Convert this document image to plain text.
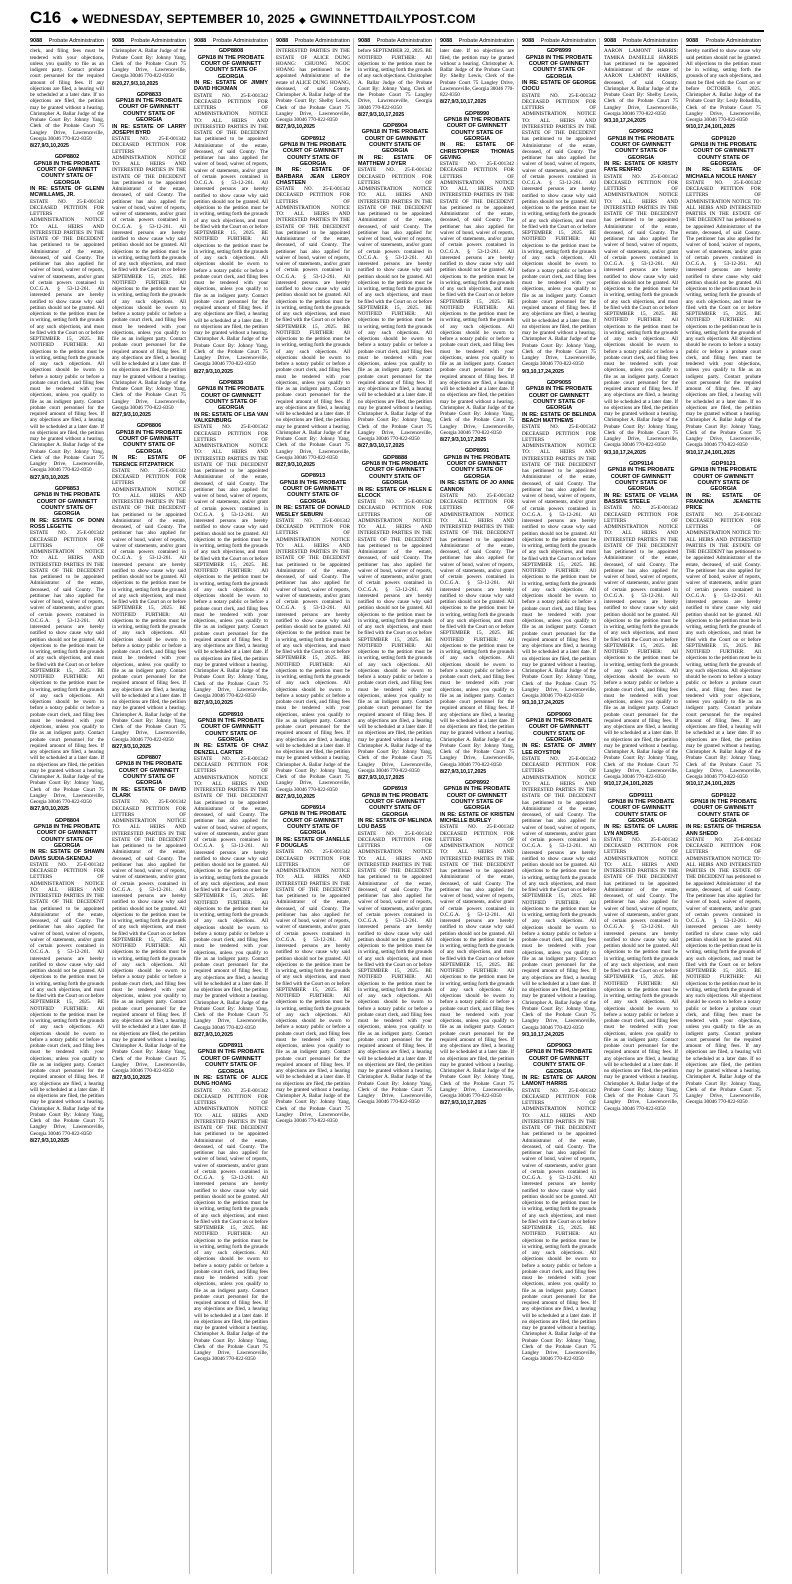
C16 ◆ WEDNESDAY, SEPTEMBER 10, 2025 ◆ GWINNETTDAILYPOST.COM
9088 Probate Administration
clerk, and filing fees must be tendered with your objections, unless you qualify to file as an indigent party. Contact probate court personnel for the required amount of filing fees. If any objections are filed, a hearing will be scheduled at a later date. If no objections are filed, the petition may be granted without a hearing. Christopher A. Ballar Judge of the Probate Court By: Johnny Yang, Clerk of the Probate Court 75 Langley Drive, Lawrenceville, Georgia 30046 770-822-8350
8/27,9/3,10,2025
GDP8802
GPN18 IN THE PROBATE COURT OF GWINNETT COUNTY STATE OF GEORGIA
IN RE: ESTATE OF GLENN MCWILLAMS, JR.
ESTATE NO. 25-E-001342 DECEASED PETITION FOR LETTERS OF ADMINISTRATION NOTICE TO: ALL HEIRS AND INTERESTED PARTIES IN THE ESTATE OF THE DECEDENT has petitioned to be appointed Administrator of the estate, deceased, of said County. The petitioner has also applied for waiver of bond, waiver of reports, waiver of statements, and/or grant of certain powers contained in O.C.G.A. § 53-12-261. All interested persons are hereby notified to show cause why said petition should not be granted. All objections to the petition must be in writing, setting forth the grounds of any such objections, and must be filed with the Court on or before SEPTEMBER 15, 2025. BE NOTIFIED FURTHER: All objections to the petition must be in writing, setting forth the grounds of any such objections. All objections should be sworn to before a notary public or before a probate court clerk, and filing fees must be tendered with your objections, unless you qualify to file as an indigent party. Contact probate court personnel for the required amount of filing fees. If any objections are filed, a hearing will be scheduled at a later date. If no objections are filed, the petition may be granted without a hearing. Christopher A. Ballar Judge of the Probate Court By: Johnny Yang, Clerk of the Probate Court 75 Langley Drive, Lawrenceville, Georgia 30046 770-822-8350
8/27,9/3,10,2025
GDP8853
GPN18 IN THE PROBATE COURT OF GWINNETT COUNTY STATE OF GEORGIA
IN RE: ESTATE OF DONN ROSS LEGETTE
ESTATE NO. 25-E-001342 DECEASED PETITION FOR LETTERS OF ADMINISTRATION NOTICE TO: ALL HEIRS AND INTERESTED PARTIES IN THE ESTATE OF THE DECEDENT has petitioned to be appointed Administrator of the estate, deceased, of said County. The petitioner has also applied for waiver of bond, waiver of reports, waiver of statements, and/or grant of certain powers contained in O.C.G.A. § 53-12-261. All interested persons are hereby notified to show cause why said petition should not be granted. All objections to the petition must be in writing, setting forth the grounds of any such objections, and must be filed with the Court on or before SEPTEMBER 15, 2025. BE NOTIFIED FURTHER: All objections to the petition must be in writing, setting forth the grounds of any such objections. All objections should be sworn to before a notary public or before a probate court clerk, and filing fees must be tendered with your objections, unless you qualify to file as an indigent party. Contact probate court personnel for the required amount of filing fees. If any objections are filed, a hearing will be scheduled at a later date. If no objections are filed, the petition may be granted without a hearing. Christopher A. Ballar Judge of the Probate Court By: Johnny Yang, Clerk of the Probate Court 75 Langley Drive, Lawrenceville, Georgia 30046 770-822-8350
8/27,9/3,10,2025
GDP8804
GPN18 IN THE PROBATE COURT OF GWINNETT COUNTY STATE OF GEORGIA
IN RE: ESTATE OF SHAWN DAVIS SUDIA-SKENDAJ
ESTATE NO. 25-E-001342 DECEASED PETITION FOR LETTERS OF ADMINISTRATION NOTICE TO: ALL HEIRS AND INTERESTED PARTIES IN THE ESTATE OF THE DECEDENT has petitioned to be appointed Administrator of the estate, deceased, of said County. The petitioner has also applied for waiver of bond, waiver of reports, waiver of statements, and/or grant of certain powers contained in O.C.G.A. § 53-12-261. All interested persons are hereby notified to show cause why said petition should not be granted. All objections to the petition must be in writing, setting forth the grounds of any such objections, and must be filed with the Court on or before SEPTEMBER 15, 2025. BE NOTIFIED FURTHER: All objections to the petition must be in writing, setting forth the grounds of any such objections. All objections should be sworn to before a notary public or before a probate court clerk, and filing fees must be tendered with your objections, unless you qualify to file as an indigent party. Contact probate court personnel for the required amount of filing fees. If any objections are filed, a hearing will be scheduled at a later date. If no objections are filed, the petition may be granted without a hearing. Christopher A. Ballar Judge of the Probate Court By: Johnny Yang, Clerk of the Probate Court 75 Langley Drive, Lawrenceville, Georgia 30046 770-822-8350
8/27,9/3,10,2025
9088 Probate Administration
Christopher A. Ballar Judge of the Probate Court By: Johnny Yang, Clerk of the Probate Court 75 Langley Drive, Lawrenceville, Georgia 30046 770-822-8350
8/20,27,9/3,10,2025
GDP8833
GPN18 IN THE PROBATE COURT OF GWINNETT COUNTY STATE OF GEORGIA
IN RE: ESTATE OF LARRY JOSEPH BYRD
ESTATE NO. 25-E-001342 DECEASED PETITION FOR LETTERS OF ADMINISTRATION NOTICE TO: ALL HEIRS AND INTERESTED PARTIES IN THE ESTATE OF THE DECEDENT has petitioned to be appointed Administrator of the estate, deceased, of said County. The petitioner has also applied for waiver of bond, waiver of reports, waiver of statements, and/or grant of certain powers contained in O.C.G.A. § 53-12-261. All interested persons are hereby notified to show cause why said petition should not be granted. All objections to the petition must be in writing, setting forth the grounds of any such objections, and must be filed with the Court on or before SEPTEMBER 15, 2025. BE NOTIFIED FURTHER: All objections to the petition must be in writing, setting forth the grounds of any such objections. All objections should be sworn to before a notary public or before a probate court clerk, and filing fees must be tendered with your objections, unless you qualify to file as an indigent party. Contact probate court personnel for the required amount of filing fees. If any objections are filed, a hearing will be scheduled at a later date. If no objections are filed, the petition may be granted without a hearing. Christopher A. Ballar Judge of the Probate Court By: Johnny Yang, Clerk of the Probate Court 75 Langley Drive, Lawrenceville, Georgia 30046 770-822-8350
8/27,9/3,10,2025
GDP8806
GPN18 IN THE PROBATE COURT OF GWINNETT COUNTY STATE OF GEORGIA
IN RE: ESTATE OF TERENCE FITZPATRICK
ESTATE NO. 25-E-001342 DECEASED PETITION FOR LETTERS OF ADMINISTRATION NOTICE TO: ALL HEIRS AND INTERESTED PARTIES IN THE ESTATE OF THE DECEDENT has petitioned to be appointed Administrator of the estate, deceased, of said County. The petitioner has also applied for waiver of bond, waiver of reports, waiver of statements, and/or grant of certain powers contained in O.C.G.A. § 53-12-261. All interested persons are hereby notified to show cause why said petition should not be granted. All objections to the petition must be in writing, setting forth the grounds of any such objections, and must be filed with the Court on or before SEPTEMBER 15, 2025. BE NOTIFIED FURTHER: All objections to the petition must be in writing, setting forth the grounds of any such objections. All objections should be sworn to before a notary public or before a probate court clerk, and filing fees must be tendered with your objections, unless you qualify to file as an indigent party. Contact probate court personnel for the required amount of filing fees. If any objections are filed, a hearing will be scheduled at a later date. If no objections are filed, the petition may be granted without a hearing. Christopher A. Ballar Judge of the Probate Court By: Johnny Yang, Clerk of the Probate Court 75 Langley Drive, Lawrenceville, Georgia 30046 770-822-8350
8/27,9/3,10,2025
GDP8807
GPN18 IN THE PROBATE COURT OF GWINNETT COUNTY STATE OF GEORGIA
IN RE: ESTATE OF DAVID CLARK
ESTATE NO. 25-E-001342 DECEASED PETITION FOR LETTERS OF ADMINISTRATION NOTICE TO: ALL HEIRS AND INTERESTED PARTIES IN THE ESTATE OF THE DECEDENT has petitioned to be appointed Administrator of the estate, deceased, of said County. The petitioner has also applied for waiver of bond, waiver of reports, waiver of statements, and/or grant of certain powers contained in O.C.G.A. § 53-12-261. All interested persons are hereby notified to show cause why said petition should not be granted. All objections to the petition must be in writing, setting forth the grounds of any such objections, and must be filed with the Court on or before SEPTEMBER 15, 2025. BE NOTIFIED FURTHER: All objections to the petition must be in writing, setting forth the grounds of any such objections. All objections should be sworn to before a notary public or before a probate court clerk, and filing fees must be tendered with your objections, unless you qualify to file as an indigent party. Contact probate court personnel for the required amount of filing fees. If any objections are filed, a hearing will be scheduled at a later date. If no objections are filed, the petition may be granted without a hearing. Christopher A. Ballar Judge of the Probate Court By: Johnny Yang, Clerk of the Probate Court 75 Langley Drive, Lawrenceville, Georgia 30046 770-822-8350
8/27,9/3,10,2025
9088 Probate Administration
GDP8808
GPN18 IN THE PROBATE COURT OF GWINNETT COUNTY STATE OF GEORGIA
IN RE: ESTATE OF JIMMY DAVID HICKMAN
ESTATE NO. 25-E-001342 DECEASED PETITION FOR LETTERS OF ADMINISTRATION NOTICE TO: ALL HEIRS AND INTERESTED PARTIES IN THE ESTATE OF THE DECEDENT has petitioned to be appointed Administrator of the estate, deceased, of said County. The petitioner has also applied for waiver of bond, waiver of reports, waiver of statements, and/or grant of certain powers contained in O.C.G.A. § 53-12-261. All interested persons are hereby notified to show cause why said petition should not be granted. All objections to the petition must be in writing, setting forth the grounds of any such objections, and must be filed with the Court on or before SEPTEMBER 15, 2025. BE NOTIFIED FURTHER: All objections to the petition must be in writing, setting forth the grounds of any such objections. All objections should be sworn to before a notary public or before a probate court clerk, and filing fees must be tendered with your objections, unless you qualify to file as an indigent party. Contact probate court personnel for the required amount of filing fees. If any objections are filed, a hearing will be scheduled at a later date. If no objections are filed, the petition may be granted without a hearing. Christopher A. Ballar Judge of the Probate Court By: Johnny Yang, Clerk of the Probate Court 75 Langley Drive, Lawrenceville, Georgia 30046 770-822-8350
8/27,9/3,10,2025
GDP8838
GPN18 IN THE PROBATE COURT OF GWINNETT COUNTY STATE OF GEORGIA
IN RE: ESTATE OF LISA VAN VALKENBURG
ESTATE NO. 25-E-001342 DECEASED PETITION FOR LETTERS OF ADMINISTRATION NOTICE TO: ALL HEIRS AND INTERESTED PARTIES IN THE ESTATE OF THE DECEDENT has petitioned to be appointed Administrator of the estate, deceased, of said County. The petitioner has also applied for waiver of bond, waiver of reports, waiver of statements, and/or grant of certain powers contained in O.C.G.A. § 53-12-261. All interested persons are hereby notified to show cause why said petition should not be granted. All objections to the petition must be in writing, setting forth the grounds of any such objections, and must be filed with the Court on or before SEPTEMBER 15, 2025. BE NOTIFIED FURTHER: All objections to the petition must be in writing, setting forth the grounds of any such objections. All objections should be sworn to before a notary public or before a probate court clerk, and filing fees must be tendered with your objections, unless you qualify to file as an indigent party. Contact probate court personnel for the required amount of filing fees. If any objections are filed, a hearing will be scheduled at a later date. If no objections are filed, the petition may be granted without a hearing. Christopher A. Ballar Judge of the Probate Court By: Johnny Yang, Clerk of the Probate Court 75 Langley Drive, Lawrenceville, Georgia 30046 770-822-8350
8/27,9/3,10,2025
GDP8910
GPN18 IN THE PROBATE COURT OF GWINNETT COUNTY STATE OF GEORGIA
IN RE: ESTATE OF CHAZ DENZELL CARTER
ESTATE NO. 25-E-001342 DECEASED PETITION FOR LETTERS OF ADMINISTRATION NOTICE TO: ALL HEIRS AND INTERESTED PARTIES IN THE ESTATE OF THE DECEDENT has petitioned to be appointed Administrator of the estate, deceased, of said County. The petitioner has also applied for waiver of bond, waiver of reports, waiver of statements, and/or grant of certain powers contained in O.C.G.A. § 53-12-261. All interested persons are hereby notified to show cause why said petition should not be granted. All objections to the petition must be in writing, setting forth the grounds of any such objections, and must be filed with the Court on or before SEPTEMBER 15, 2025. BE NOTIFIED FURTHER: All objections to the petition must be in writing, setting forth the grounds of any such objections. All objections should be sworn to before a notary public or before a probate court clerk, and filing fees must be tendered with your objections, unless you qualify to file as an indigent party. Contact probate court personnel for the required amount of filing fees. If any objections are filed, a hearing will be scheduled at a later date. If no objections are filed, the petition may be granted without a hearing. Christopher A. Ballar Judge of the Probate Court By: Johnny Yang, Clerk of the Probate Court 75 Langley Drive, Lawrenceville, Georgia 30046 770-822-8350
8/27,9/3,10,2025
GDP8911
GPN18 IN THE PROBATE COURT OF GWINNETT COUNTY STATE OF GEORGIA
IN RE: ESTATE OF ALICE DUNG HOANG
ESTATE NO. 25-E-001342 DECEASED PETITION FOR LETTERS OF ADMINISTRATION NOTICE TO: ALL HEIRS AND INTERESTED PARTIES IN THE ESTATE OF THE DECEDENT has petitioned to be appointed Administrator of the estate, deceased, of said County. The petitioner has also applied for waiver of bond, waiver of reports, waiver of statements, and/or grant of certain powers contained in O.C.G.A. § 53-12-261. All interested persons are hereby notified to show cause why said petition should not be granted. All objections to the petition must be in writing, setting forth the grounds of any such objections, and must be filed with the Court on or before SEPTEMBER 15, 2025. BE NOTIFIED FURTHER: All objections to the petition must be in writing, setting forth the grounds of any such objections. All objections should be sworn to before a notary public or before a probate court clerk, and filing fees must be tendered with your objections, unless you qualify to file as an indigent party. Contact probate court personnel for the required amount of filing fees. If any objections are filed, a hearing will be scheduled at a later date. If no objections are filed, the petition may be granted without a hearing. Christopher A. Ballar Judge of the Probate Court By: Johnny Yang, Clerk of the Probate Court 75 Langley Drive, Lawrenceville, Georgia 30046 770-822-8350
9088 Probate Administration
INTERESTED PARTIES IN THE ESTATE OF ALICE DUNG HOANG: CHUONG NGOC HOANG has petitioned to be appointed Administrator of the estate of ALICE DUNG HOANG, deceased, of said County. Christopher A. Ballar Judge of the Probate Court By: Shelby Lewis, Clerk of the Probate Court 75 Langley Drive, Lawrenceville, Georgia 30046 770-822-8350
8/27,9/3,10,2025
GDP8912
GPN18 IN THE PROBATE COURT OF GWINNETT COUNTY STATE OF GEORGIA
IN RE: ESTATE OF BARBARA JEAN LEROY CHASTEEN
ESTATE NO. 25-E-001342 DECEASED PETITION FOR LETTERS OF ADMINISTRATION NOTICE TO: ALL HEIRS AND INTERESTED PARTIES IN THE ESTATE OF THE DECEDENT has petitioned to be appointed Administrator of the estate, deceased, of said County. The petitioner has also applied for waiver of bond, waiver of reports, waiver of statements, and/or grant of certain powers contained in O.C.G.A. § 53-12-261. All interested persons are hereby notified to show cause why said petition should not be granted. All objections to the petition must be in writing, setting forth the grounds of any such objections, and must be filed with the Court on or before SEPTEMBER 15, 2025. BE NOTIFIED FURTHER: All objections to the petition must be in writing, setting forth the grounds of any such objections. All objections should be sworn to before a notary public or before a probate court clerk, and filing fees must be tendered with your objections, unless you qualify to file as an indigent party. Contact probate court personnel for the required amount of filing fees. If any objections are filed, a hearing will be scheduled at a later date. If no objections are filed, the petition may be granted without a hearing. Christopher A. Ballar Judge of the Probate Court By: Johnny Yang, Clerk of the Probate Court 75 Langley Drive, Lawrenceville, Georgia 30046 770-822-8350
8/27,9/3,10,2025
GDP8913
GPN18 IN THE PROBATE COURT OF GWINNETT COUNTY STATE OF GEORGIA
IN RE: ESTATE OF DONALD WESLEY SEBURN
ESTATE NO. 25-E-001342 DECEASED PETITION FOR LETTERS OF ADMINISTRATION NOTICE TO: ALL HEIRS AND INTERESTED PARTIES IN THE ESTATE OF THE DECEDENT has petitioned to be appointed Administrator of the estate, deceased, of said County. The petitioner has also applied for waiver of bond, waiver of reports, waiver of statements, and/or grant of certain powers contained in O.C.G.A. § 53-12-261. All interested persons are hereby notified to show cause why said petition should not be granted. All objections to the petition must be in writing, setting forth the grounds of any such objections, and must be filed with the Court on or before SEPTEMBER 15, 2025. BE NOTIFIED FURTHER: All objections to the petition must be in writing, setting forth the grounds of any such objections. All objections should be sworn to before a notary public or before a probate court clerk, and filing fees must be tendered with your objections, unless you qualify to file as an indigent party. Contact probate court personnel for the required amount of filing fees. If any objections are filed, a hearing will be scheduled at a later date. If no objections are filed, the petition may be granted without a hearing. Christopher A. Ballar Judge of the Probate Court By: Johnny Yang, Clerk of the Probate Court 75 Langley Drive, Lawrenceville, Georgia 30046 770-822-8350
8/27,9/3,10,2025
GDP8914
GPN18 IN THE PROBATE COURT OF GWINNETT COUNTY STATE OF GEORGIA
IN RE: ESTATE OF JANELLE F DOUGLAS
ESTATE NO. 25-E-001342 DECEASED PETITION FOR LETTERS OF ADMINISTRATION NOTICE TO: ALL HEIRS AND INTERESTED PARTIES IN THE ESTATE OF THE DECEDENT has petitioned to be appointed Administrator of the estate, deceased, of said County. The petitioner has also applied for waiver of bond, waiver of reports, waiver of statements, and/or grant of certain powers contained in O.C.G.A. § 53-12-261. All interested persons are hereby notified to show cause why said petition should not be granted. All objections to the petition must be in writing, setting forth the grounds of any such objections, and must be filed with the Court on or before SEPTEMBER 15, 2025. BE NOTIFIED FURTHER: All objections to the petition must be in writing, setting forth the grounds of any such objections. All objections should be sworn to before a notary public or before a probate court clerk, and filing fees must be tendered with your objections, unless you qualify to file as an indigent party. Contact probate court personnel for the required amount of filing fees. If any objections are filed, a hearing will be scheduled at a later date. If no objections are filed, the petition may be granted without a hearing. Christopher A. Ballar Judge of the Probate Court By: Johnny Yang, Clerk of the Probate Court 75 Langley Drive, Lawrenceville, Georgia 30046 770-822-8350
9088 Probate Administration
before SEPTEMBER 22, 2025. BE NOTIFIED FURTHER: All objections to the petition must be in writing, setting forth the grounds of any such objections. Christopher A. Ballar Judge of the Probate Court By: Johnny Yang, Clerk of the Probate Court 75 Langley Drive, Lawrenceville, Georgia 30046 770-822-8350
8/27,9/3,10,17,2025
GDP8904
GPN18 IN THE PROBATE COURT OF GWINNETT COUNTY STATE OF GEORGIA
IN RE: ESTATE OF MATTHEW J DYER
ESTATE NO. 25-E-001342 DECEASED PETITION FOR LETTERS OF ADMINISTRATION NOTICE TO: ALL HEIRS AND INTERESTED PARTIES IN THE ESTATE OF THE DECEDENT has petitioned to be appointed Administrator of the estate, deceased, of said County. The petitioner has also applied for waiver of bond, waiver of reports, waiver of statements, and/or grant of certain powers contained in O.C.G.A. § 53-12-261. All interested persons are hereby notified to show cause why said petition should not be granted. All objections to the petition must be in writing, setting forth the grounds of any such objections, and must be filed with the Court on or before SEPTEMBER 15, 2025. BE NOTIFIED FURTHER: All objections to the petition must be in writing, setting forth the grounds of any such objections. All objections should be sworn to before a notary public or before a probate court clerk, and filing fees must be tendered with your objections, unless you qualify to file as an indigent party. Contact probate court personnel for the required amount of filing fees. If any objections are filed, a hearing will be scheduled at a later date. If no objections are filed, the petition may be granted without a hearing. Christopher A. Ballar Judge of the Probate Court By: Johnny Yang, Clerk of the Probate Court 75 Langley Drive, Lawrenceville, Georgia 30046 770-822-8350
8/27,9/3,10,17,2025
GDP8888
GPN18 IN THE PROBATE COURT OF GWINNETT COUNTY STATE OF GEORGIA
IN RE: ESTATE OF HELEN E ELCOCK
ESTATE NO. 25-E-001342 DECEASED PETITION FOR LETTERS OF ADMINISTRATION NOTICE TO: ALL HEIRS AND INTERESTED PARTIES IN THE ESTATE OF THE DECEDENT has petitioned to be appointed Administrator of the estate, deceased, of said County. The petitioner has also applied for waiver of bond, waiver of reports, waiver of statements, and/or grant of certain powers contained in O.C.G.A. § 53-12-261. All interested persons are hereby notified to show cause why said petition should not be granted. All objections to the petition must be in writing, setting forth the grounds of any such objections, and must be filed with the Court on or before SEPTEMBER 15, 2025. BE NOTIFIED FURTHER: All objections to the petition must be in writing, setting forth the grounds of any such objections. All objections should be sworn to before a notary public or before a probate court clerk, and filing fees must be tendered with your objections, unless you qualify to file as an indigent party. Contact probate court personnel for the required amount of filing fees. If any objections are filed, a hearing will be scheduled at a later date. If no objections are filed, the petition may be granted without a hearing. Christopher A. Ballar Judge of the Probate Court By: Johnny Yang, Clerk of the Probate Court 75 Langley Drive, Lawrenceville, Georgia 30046 770-822-8350
8/27,9/3,10,17,2025
GDP8919
GPN18 IN THE PROBATE COURT OF GWINNETT COUNTY STATE OF GEORGIA
IN RE: ESTATE OF MELINDA LOU BASS
ESTATE NO. 25-E-001342 DECEASED PETITION FOR LETTERS OF ADMINISTRATION NOTICE TO: ALL HEIRS AND INTERESTED PARTIES IN THE ESTATE OF THE DECEDENT has petitioned to be appointed Administrator of the estate, deceased, of said County. The petitioner has also applied for waiver of bond, waiver of reports, waiver of statements, and/or grant of certain powers contained in O.C.G.A. § 53-12-261. All interested persons are hereby notified to show cause why said petition should not be granted. All objections to the petition must be in writing, setting forth the grounds of any such objections, and must be filed with the Court on or before SEPTEMBER 15, 2025. BE NOTIFIED FURTHER: All objections to the petition must be in writing, setting forth the grounds of any such objections. All objections should be sworn to before a notary public or before a probate court clerk, and filing fees must be tendered with your objections, unless you qualify to file as an indigent party. Contact probate court personnel for the required amount of filing fees. If any objections are filed, a hearing will be scheduled at a later date. If no objections are filed, the petition may be granted without a hearing. Christopher A. Ballar Judge of the Probate Court By: Johnny Yang, Clerk of the Probate Court 75 Langley Drive, Lawrenceville, Georgia 30046 770-822-8350
9088 Probate Administration
later date. If no objections are filed, the petition may be granted without a hearing. Christopher A. Ballar Judge of the Probate Court By: Shelby Lewis, Clerk of the Probate Court 75 Langley Drive, Lawrenceville, Georgia 30046 770-822-8350
8/27,9/3,10,17,2025
GDP8990
GPN18 IN THE PROBATE COURT OF GWINNETT COUNTY STATE OF GEORGIA
IN RE: ESTATE OF CHRISTOPHER THOMAS GEVING
ESTATE NO. 25-E-001342 DECEASED PETITION FOR LETTERS OF ADMINISTRATION NOTICE TO: ALL HEIRS AND INTERESTED PARTIES IN THE ESTATE OF THE DECEDENT has petitioned to be appointed Administrator of the estate, deceased, of said County. The petitioner has also applied for waiver of bond, waiver of reports, waiver of statements, and/or grant of certain powers contained in O.C.G.A. § 53-12-261. All interested persons are hereby notified to show cause why said petition should not be granted. All objections to the petition must be in writing, setting forth the grounds of any such objections, and must be filed with the Court on or before SEPTEMBER 15, 2025. BE NOTIFIED FURTHER: All objections to the petition must be in writing, setting forth the grounds of any such objections. All objections should be sworn to before a notary public or before a probate court clerk, and filing fees must be tendered with your objections, unless you qualify to file as an indigent party. Contact probate court personnel for the required amount of filing fees. If any objections are filed, a hearing will be scheduled at a later date. If no objections are filed, the petition may be granted without a hearing. Christopher A. Ballar Judge of the Probate Court By: Johnny Yang, Clerk of the Probate Court 75 Langley Drive, Lawrenceville, Georgia 30046 770-822-8350
8/27,9/3,10,17,2025
GDP8991
GPN18 IN THE PROBATE COURT OF GWINNETT COUNTY STATE OF GEORGIA
IN RE: ESTATE OF JO ANNE CANNON
ESTATE NO. 25-E-001342 DECEASED PETITION FOR LETTERS OF ADMINISTRATION NOTICE TO: ALL HEIRS AND INTERESTED PARTIES IN THE ESTATE OF THE DECEDENT has petitioned to be appointed Administrator of the estate, deceased, of said County. The petitioner has also applied for waiver of bond, waiver of reports, waiver of statements, and/or grant of certain powers contained in O.C.G.A. § 53-12-261. All interested persons are hereby notified to show cause why said petition should not be granted. All objections to the petition must be in writing, setting forth the grounds of any such objections, and must be filed with the Court on or before SEPTEMBER 15, 2025. BE NOTIFIED FURTHER: All objections to the petition must be in writing, setting forth the grounds of any such objections. All objections should be sworn to before a notary public or before a probate court clerk, and filing fees must be tendered with your objections, unless you qualify to file as an indigent party. Contact probate court personnel for the required amount of filing fees. If any objections are filed, a hearing will be scheduled at a later date. If no objections are filed, the petition may be granted without a hearing. Christopher A. Ballar Judge of the Probate Court By: Johnny Yang, Clerk of the Probate Court 75 Langley Drive, Lawrenceville, Georgia 30046 770-822-8350
8/27,9/3,10,17,2025
GDP8992
GPN18 IN THE PROBATE COURT OF GWINNETT COUNTY STATE OF GEORGIA
IN RE: ESTATE OF KRISTEN MICHELLE BURLEY
ESTATE NO. 25-E-001342 DECEASED PETITION FOR LETTERS OF ADMINISTRATION NOTICE TO: ALL HEIRS AND INTERESTED PARTIES IN THE ESTATE OF THE DECEDENT has petitioned to be appointed Administrator of the estate, deceased, of said County. The petitioner has also applied for waiver of bond, waiver of reports, waiver of statements, and/or grant of certain powers contained in O.C.G.A. § 53-12-261. All interested persons are hereby notified to show cause why said petition should not be granted. All objections to the petition must be in writing, setting forth the grounds of any such objections, and must be filed with the Court on or before SEPTEMBER 15, 2025. BE NOTIFIED FURTHER: All objections to the petition must be in writing, setting forth the grounds of any such objections. All objections should be sworn to before a notary public or before a probate court clerk, and filing fees must be tendered with your objections, unless you qualify to file as an indigent party. Contact probate court personnel for the required amount of filing fees. If any objections are filed, a hearing will be scheduled at a later date. If no objections are filed, the petition may be granted without a hearing. Christopher A. Ballar Judge of the Probate Court By: Johnny Yang, Clerk of the Probate Court 75 Langley Drive, Lawrenceville, Georgia 30046 770-822-8350
8/27,9/3,10,17,2025
9088 Probate Administration
GDP8999
GPN18 IN THE PROBATE COURT OF GWINNETT COUNTY STATE OF GEORGIA
IN RE: ESTATE OF GEORGE CIOCU
ESTATE NO. 25-E-001342 DECEASED PETITION FOR LETTERS OF ADMINISTRATION NOTICE TO: ALL HEIRS AND INTERESTED PARTIES IN THE ESTATE OF THE DECEDENT has petitioned to be appointed Administrator of the estate, deceased, of said County. The petitioner has also applied for waiver of bond, waiver of reports, waiver of statements, and/or grant of certain powers contained in O.C.G.A. § 53-12-261. All interested persons are hereby notified to show cause why said petition should not be granted. All objections to the petition must be in writing, setting forth the grounds of any such objections, and must be filed with the Court on or before SEPTEMBER 15, 2025. BE NOTIFIED FURTHER: All objections to the petition must be in writing, setting forth the grounds of any such objections. All objections should be sworn to before a notary public or before a probate court clerk, and filing fees must be tendered with your objections, unless you qualify to file as an indigent party. Contact probate court personnel for the required amount of filing fees. If any objections are filed, a hearing will be scheduled at a later date. If no objections are filed, the petition may be granted without a hearing. Christopher A. Ballar Judge of the Probate Court By: Johnny Yang, Clerk of the Probate Court 75 Langley Drive, Lawrenceville, Georgia 30046 770-822-8350
9/3,10,17,24,2025
GDP9055
GPN18 IN THE PROBATE COURT OF GWINNETT COUNTY STATE OF GEORGIA
IN RE: ESTATE OF BELINDA BEACH MATTHEWS
ESTATE NO. 25-E-001342 DECEASED PETITION FOR LETTERS OF ADMINISTRATION NOTICE TO: ALL HEIRS AND INTERESTED PARTIES IN THE ESTATE OF THE DECEDENT has petitioned to be appointed Administrator of the estate, deceased, of said County. The petitioner has also applied for waiver of bond, waiver of reports, waiver of statements, and/or grant of certain powers contained in O.C.G.A. § 53-12-261. All interested persons are hereby notified to show cause why said petition should not be granted. All objections to the petition must be in writing, setting forth the grounds of any such objections, and must be filed with the Court on or before SEPTEMBER 15, 2025. BE NOTIFIED FURTHER: All objections to the petition must be in writing, setting forth the grounds of any such objections. All objections should be sworn to before a notary public or before a probate court clerk, and filing fees must be tendered with your objections, unless you qualify to file as an indigent party. Contact probate court personnel for the required amount of filing fees. If any objections are filed, a hearing will be scheduled at a later date. If no objections are filed, the petition may be granted without a hearing. Christopher A. Ballar Judge of the Probate Court By: Johnny Yang, Clerk of the Probate Court 75 Langley Drive, Lawrenceville, Georgia 30046 770-822-8350
9/3,10,17,24,2025
GDP9060
GPN18 IN THE PROBATE COURT OF GWINNETT COUNTY STATE OF GEORGIA
IN RE: ESTATE OF JIMMY LEE ROYSTON
ESTATE NO. 25-E-001342 DECEASED PETITION FOR LETTERS OF ADMINISTRATION NOTICE TO: ALL HEIRS AND INTERESTED PARTIES IN THE ESTATE OF THE DECEDENT has petitioned to be appointed Administrator of the estate, deceased, of said County. The petitioner has also applied for waiver of bond, waiver of reports, waiver of statements, and/or grant of certain powers contained in O.C.G.A. § 53-12-261. All interested persons are hereby notified to show cause why said petition should not be granted. All objections to the petition must be in writing, setting forth the grounds of any such objections, and must be filed with the Court on or before SEPTEMBER 15, 2025. BE NOTIFIED FURTHER: All objections to the petition must be in writing, setting forth the grounds of any such objections. All objections should be sworn to before a notary public or before a probate court clerk, and filing fees must be tendered with your objections, unless you qualify to file as an indigent party. Contact probate court personnel for the required amount of filing fees. If any objections are filed, a hearing will be scheduled at a later date. If no objections are filed, the petition may be granted without a hearing. Christopher A. Ballar Judge of the Probate Court By: Johnny Yang, Clerk of the Probate Court 75 Langley Drive, Lawrenceville, Georgia 30046 770-822-8350
9/3,10,17,24,2025
GDP9063
GPN18 IN THE PROBATE COURT OF GWINNETT COUNTY STATE OF GEORGIA
IN RE: ESTATE OF AARON LAMONT HARRIS
ESTATE NO. 25-E-001342 DECEASED PETITION FOR LETTERS OF ADMINISTRATION NOTICE TO: ALL HEIRS AND INTERESTED PARTIES IN THE ESTATE OF THE DECEDENT has petitioned to be appointed Administrator of the estate, deceased, of said County. The petitioner has also applied for waiver of bond, waiver of reports, waiver of statements, and/or grant of certain powers contained in O.C.G.A. § 53-12-261. All interested persons are hereby notified to show cause why said petition should not be granted. All objections to the petition must be in writing, setting forth the grounds of any such objections, and must be filed with the Court on or before SEPTEMBER 15, 2025. BE NOTIFIED FURTHER: All objections to the petition must be in writing, setting forth the grounds of any such objections. All objections should be sworn to before a notary public or before a probate court clerk, and filing fees must be tendered with your objections, unless you qualify to file as an indigent party. Contact probate court personnel for the required amount of filing fees. If any objections are filed, a hearing will be scheduled at a later date. If no objections are filed, the petition may be granted without a hearing. Christopher A. Ballar Judge of the Probate Court By: Johnny Yang, Clerk of the Probate Court 75 Langley Drive, Lawrenceville, Georgia 30046 770-822-8350
9088 Probate Administration
AARON LAMONT HARRIS: TAMIKA DANIELLE HARRIS has petitioned to be appointed Administrator of the estate of AARON LAMONT HARRIS, deceased, of said County. Christopher A. Ballar Judge of the Probate Court By: Shelby Lewis, Clerk of the Probate Court 75 Langley Drive, Lawrenceville, Georgia 30046 770-822-8350
9/3,10,17,24,2025
GDP9062
GPN18 IN THE PROBATE COURT OF GWINNETT COUNTY STATE OF GEORGIA
IN RE: ESTATE OF KRISTY FAYE RENFRO
ESTATE NO. 25-E-001342 DECEASED PETITION FOR LETTERS OF ADMINISTRATION NOTICE TO: ALL HEIRS AND INTERESTED PARTIES IN THE ESTATE OF THE DECEDENT has petitioned to be appointed Administrator of the estate, deceased, of said County. The petitioner has also applied for waiver of bond, waiver of reports, waiver of statements, and/or grant of certain powers contained in O.C.G.A. § 53-12-261. All interested persons are hereby notified to show cause why said petition should not be granted. All objections to the petition must be in writing, setting forth the grounds of any such objections, and must be filed with the Court on or before SEPTEMBER 15, 2025. BE NOTIFIED FURTHER: All objections to the petition must be in writing, setting forth the grounds of any such objections. All objections should be sworn to before a notary public or before a probate court clerk, and filing fees must be tendered with your objections, unless you qualify to file as an indigent party. Contact probate court personnel for the required amount of filing fees. If any objections are filed, a hearing will be scheduled at a later date. If no objections are filed, the petition may be granted without a hearing. Christopher A. Ballar Judge of the Probate Court By: Johnny Yang, Clerk of the Probate Court 75 Langley Drive, Lawrenceville, Georgia 30046 770-822-8350
9/3,10,17,24,2025
GDP9114
GPN18 IN THE PROBATE COURT OF GWINNETT COUNTY STATE OF GEORGIA
IN RE: ESTATE OF VELMA BASSIVE STEELE
ESTATE NO. 25-E-001342 DECEASED PETITION FOR LETTERS OF ADMINISTRATION NOTICE TO: ALL HEIRS AND INTERESTED PARTIES IN THE ESTATE OF THE DECEDENT has petitioned to be appointed Administrator of the estate, deceased, of said County. The petitioner has also applied for waiver of bond, waiver of reports, waiver of statements, and/or grant of certain powers contained in O.C.G.A. § 53-12-261. All interested persons are hereby notified to show cause why said petition should not be granted. All objections to the petition must be in writing, setting forth the grounds of any such objections, and must be filed with the Court on or before SEPTEMBER 15, 2025. BE NOTIFIED FURTHER: All objections to the petition must be in writing, setting forth the grounds of any such objections. All objections should be sworn to before a notary public or before a probate court clerk, and filing fees must be tendered with your objections, unless you qualify to file as an indigent party. Contact probate court personnel for the required amount of filing fees. If any objections are filed, a hearing will be scheduled at a later date. If no objections are filed, the petition may be granted without a hearing. Christopher A. Ballar Judge of the Probate Court By: Johnny Yang, Clerk of the Probate Court 75 Langley Drive, Lawrenceville, Georgia 30046 770-822-8350
9/10,17,24,10/1,2025
GDP9111
GPN18 IN THE PROBATE COURT OF GWINNETT COUNTY STATE OF GEORGIA
IN RE: ESTATE OF LAURIE LYN ANDRUS
ESTATE NO. 25-E-001342 DECEASED PETITION FOR LETTERS OF ADMINISTRATION NOTICE TO: ALL HEIRS AND INTERESTED PARTIES IN THE ESTATE OF THE DECEDENT has petitioned to be appointed Administrator of the estate, deceased, of said County. The petitioner has also applied for waiver of bond, waiver of reports, waiver of statements, and/or grant of certain powers contained in O.C.G.A. § 53-12-261. All interested persons are hereby notified to show cause why said petition should not be granted. All objections to the petition must be in writing, setting forth the grounds of any such objections, and must be filed with the Court on or before SEPTEMBER 15, 2025. BE NOTIFIED FURTHER: All objections to the petition must be in writing, setting forth the grounds of any such objections. All objections should be sworn to before a notary public or before a probate court clerk, and filing fees must be tendered with your objections, unless you qualify to file as an indigent party. Contact probate court personnel for the required amount of filing fees. If any objections are filed, a hearing will be scheduled at a later date. If no objections are filed, the petition may be granted without a hearing. Christopher A. Ballar Judge of the Probate Court By: Johnny Yang, Clerk of the Probate Court 75 Langley Drive, Lawrenceville, Georgia 30046 770-822-8350
9088 Probate Administration
hereby notified to show cause why said petition should not be granted. All objections to the petition must be in writing, setting forth the grounds of any such objections, and must be filed with the Court on or before OCTOBER 6, 2025. Christopher A. Ballar Judge of the Probate Court By: Lesly Bobadilla, Clerk of the Probate Court 75 Langley Drive, Lawrenceville, Georgia 30046 770-822-8350
9/10,17,24,10/1,2025
GDP9120
GPN18 IN THE PROBATE COURT OF GWINNETT COUNTY STATE OF GEORGIA
IN RE: ESTATE OF MICHAELA NICOLE HANEY
ESTATE NO. 25-E-001342 DECEASED PETITION FOR LETTERS OF ADMINISTRATION NOTICE TO: ALL HEIRS AND INTERESTED PARTIES IN THE ESTATE OF THE DECEDENT has petitioned to be appointed Administrator of the estate, deceased, of said County. The petitioner has also applied for waiver of bond, waiver of reports, waiver of statements, and/or grant of certain powers contained in O.C.G.A. § 53-12-261. All interested persons are hereby notified to show cause why said petition should not be granted. All objections to the petition must be in writing, setting forth the grounds of any such objections, and must be filed with the Court on or before SEPTEMBER 15, 2025. BE NOTIFIED FURTHER: All objections to the petition must be in writing, setting forth the grounds of any such objections. All objections should be sworn to before a notary public or before a probate court clerk, and filing fees must be tendered with your objections, unless you qualify to file as an indigent party. Contact probate court personnel for the required amount of filing fees. If any objections are filed, a hearing will be scheduled at a later date. If no objections are filed, the petition may be granted without a hearing. Christopher A. Ballar Judge of the Probate Court By: Johnny Yang, Clerk of the Probate Court 75 Langley Drive, Lawrenceville, Georgia 30046 770-822-8350
9/10,17,24,10/1,2025
GDP9121
GPN18 IN THE PROBATE COURT OF GWINNETT COUNTY STATE OF GEORGIA
IN RE: ESTATE OF FRANCINA JEANETTE PRICE
ESTATE NO. 25-E-001342 DECEASED PETITION FOR LETTERS OF ADMINISTRATION NOTICE TO: ALL HEIRS AND INTERESTED PARTIES IN THE ESTATE OF THE DECEDENT has petitioned to be appointed Administrator of the estate, deceased, of said County. The petitioner has also applied for waiver of bond, waiver of reports, waiver of statements, and/or grant of certain powers contained in O.C.G.A. § 53-12-261. All interested persons are hereby notified to show cause why said petition should not be granted. All objections to the petition must be in writing, setting forth the grounds of any such objections, and must be filed with the Court on or before SEPTEMBER 15, 2025. BE NOTIFIED FURTHER: All objections to the petition must be in writing, setting forth the grounds of any such objections. All objections should be sworn to before a notary public or before a probate court clerk, and filing fees must be tendered with your objections, unless you qualify to file as an indigent party. Contact probate court personnel for the required amount of filing fees. If any objections are filed, a hearing will be scheduled at a later date. If no objections are filed, the petition may be granted without a hearing. Christopher A. Ballar Judge of the Probate Court By: Johnny Yang, Clerk of the Probate Court 75 Langley Drive, Lawrenceville, Georgia 30046 770-822-8350
9/10,17,24,10/1,2025
GDP9122
GPN18 IN THE PROBATE COURT OF GWINNETT COUNTY STATE OF GEORGIA
IN RE: ESTATE OF THERESA ANN SHEDD
ESTATE NO. 25-E-001342 DECEASED PETITION FOR LETTERS OF ADMINISTRATION NOTICE TO: ALL HEIRS AND INTERESTED PARTIES IN THE ESTATE OF THE DECEDENT has petitioned to be appointed Administrator of the estate, deceased, of said County. The petitioner has also applied for waiver of bond, waiver of reports, waiver of statements, and/or grant of certain powers contained in O.C.G.A. § 53-12-261. All interested persons are hereby notified to show cause why said petition should not be granted. All objections to the petition must be in writing, setting forth the grounds of any such objections, and must be filed with the Court on or before SEPTEMBER 15, 2025. BE NOTIFIED FURTHER: All objections to the petition must be in writing, setting forth the grounds of any such objections. All objections should be sworn to before a notary public or before a probate court clerk, and filing fees must be tendered with your objections, unless you qualify to file as an indigent party. Contact probate court personnel for the required amount of filing fees. If any objections are filed, a hearing will be scheduled at a later date. If no objections are filed, the petition may be granted without a hearing. Christopher A. Ballar Judge of the Probate Court By: Johnny Yang, Clerk of the Probate Court 75 Langley Drive, Lawrenceville, Georgia 30046 770-822-8350
